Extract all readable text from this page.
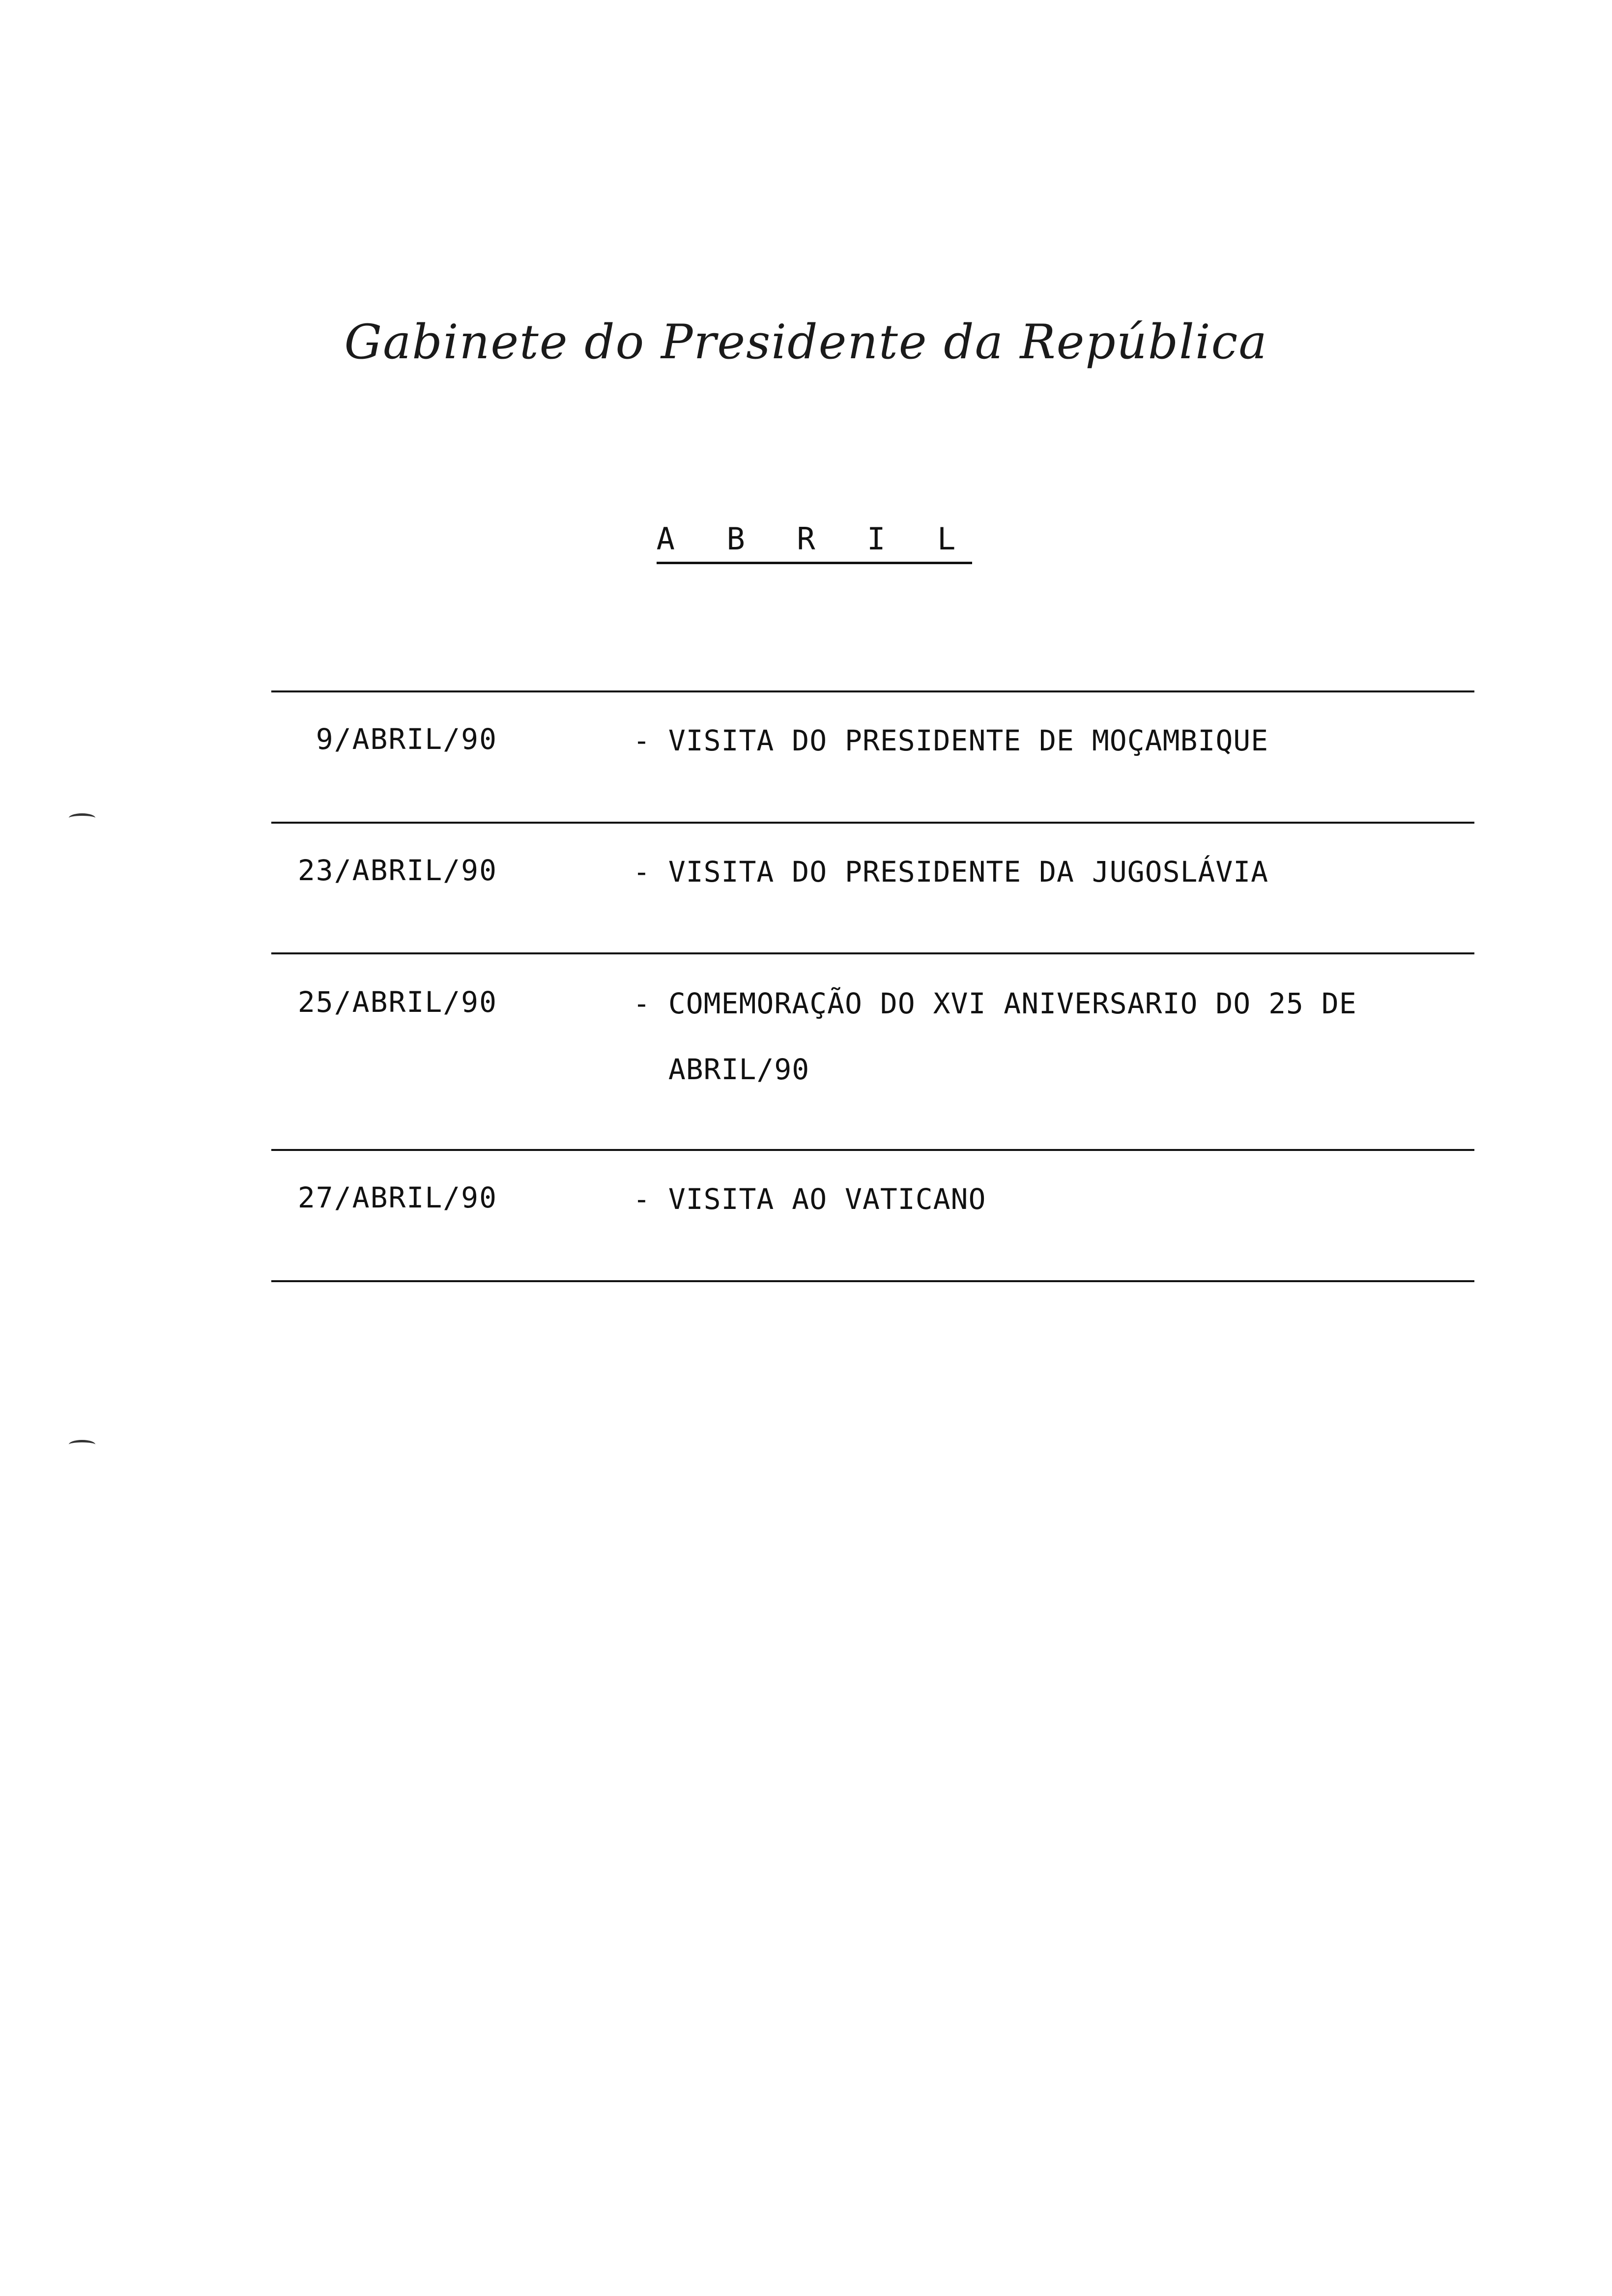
Gabinete do Presidente da República
A B R I L
9/ABRIL/90	- VISITA DO PRESIDENTE DE MOÇAMBIQUE
23/ABRIL/90	- VISITA DO PRESIDENTE DA JUGOSLÁVIA
25/ABRIL/90	- COMEMORAÇÃO DO XVI ANIVERSARIO DO 25 DE
ABRIL/90
27/ABRIL/90	- VISITA AO VATICANO
